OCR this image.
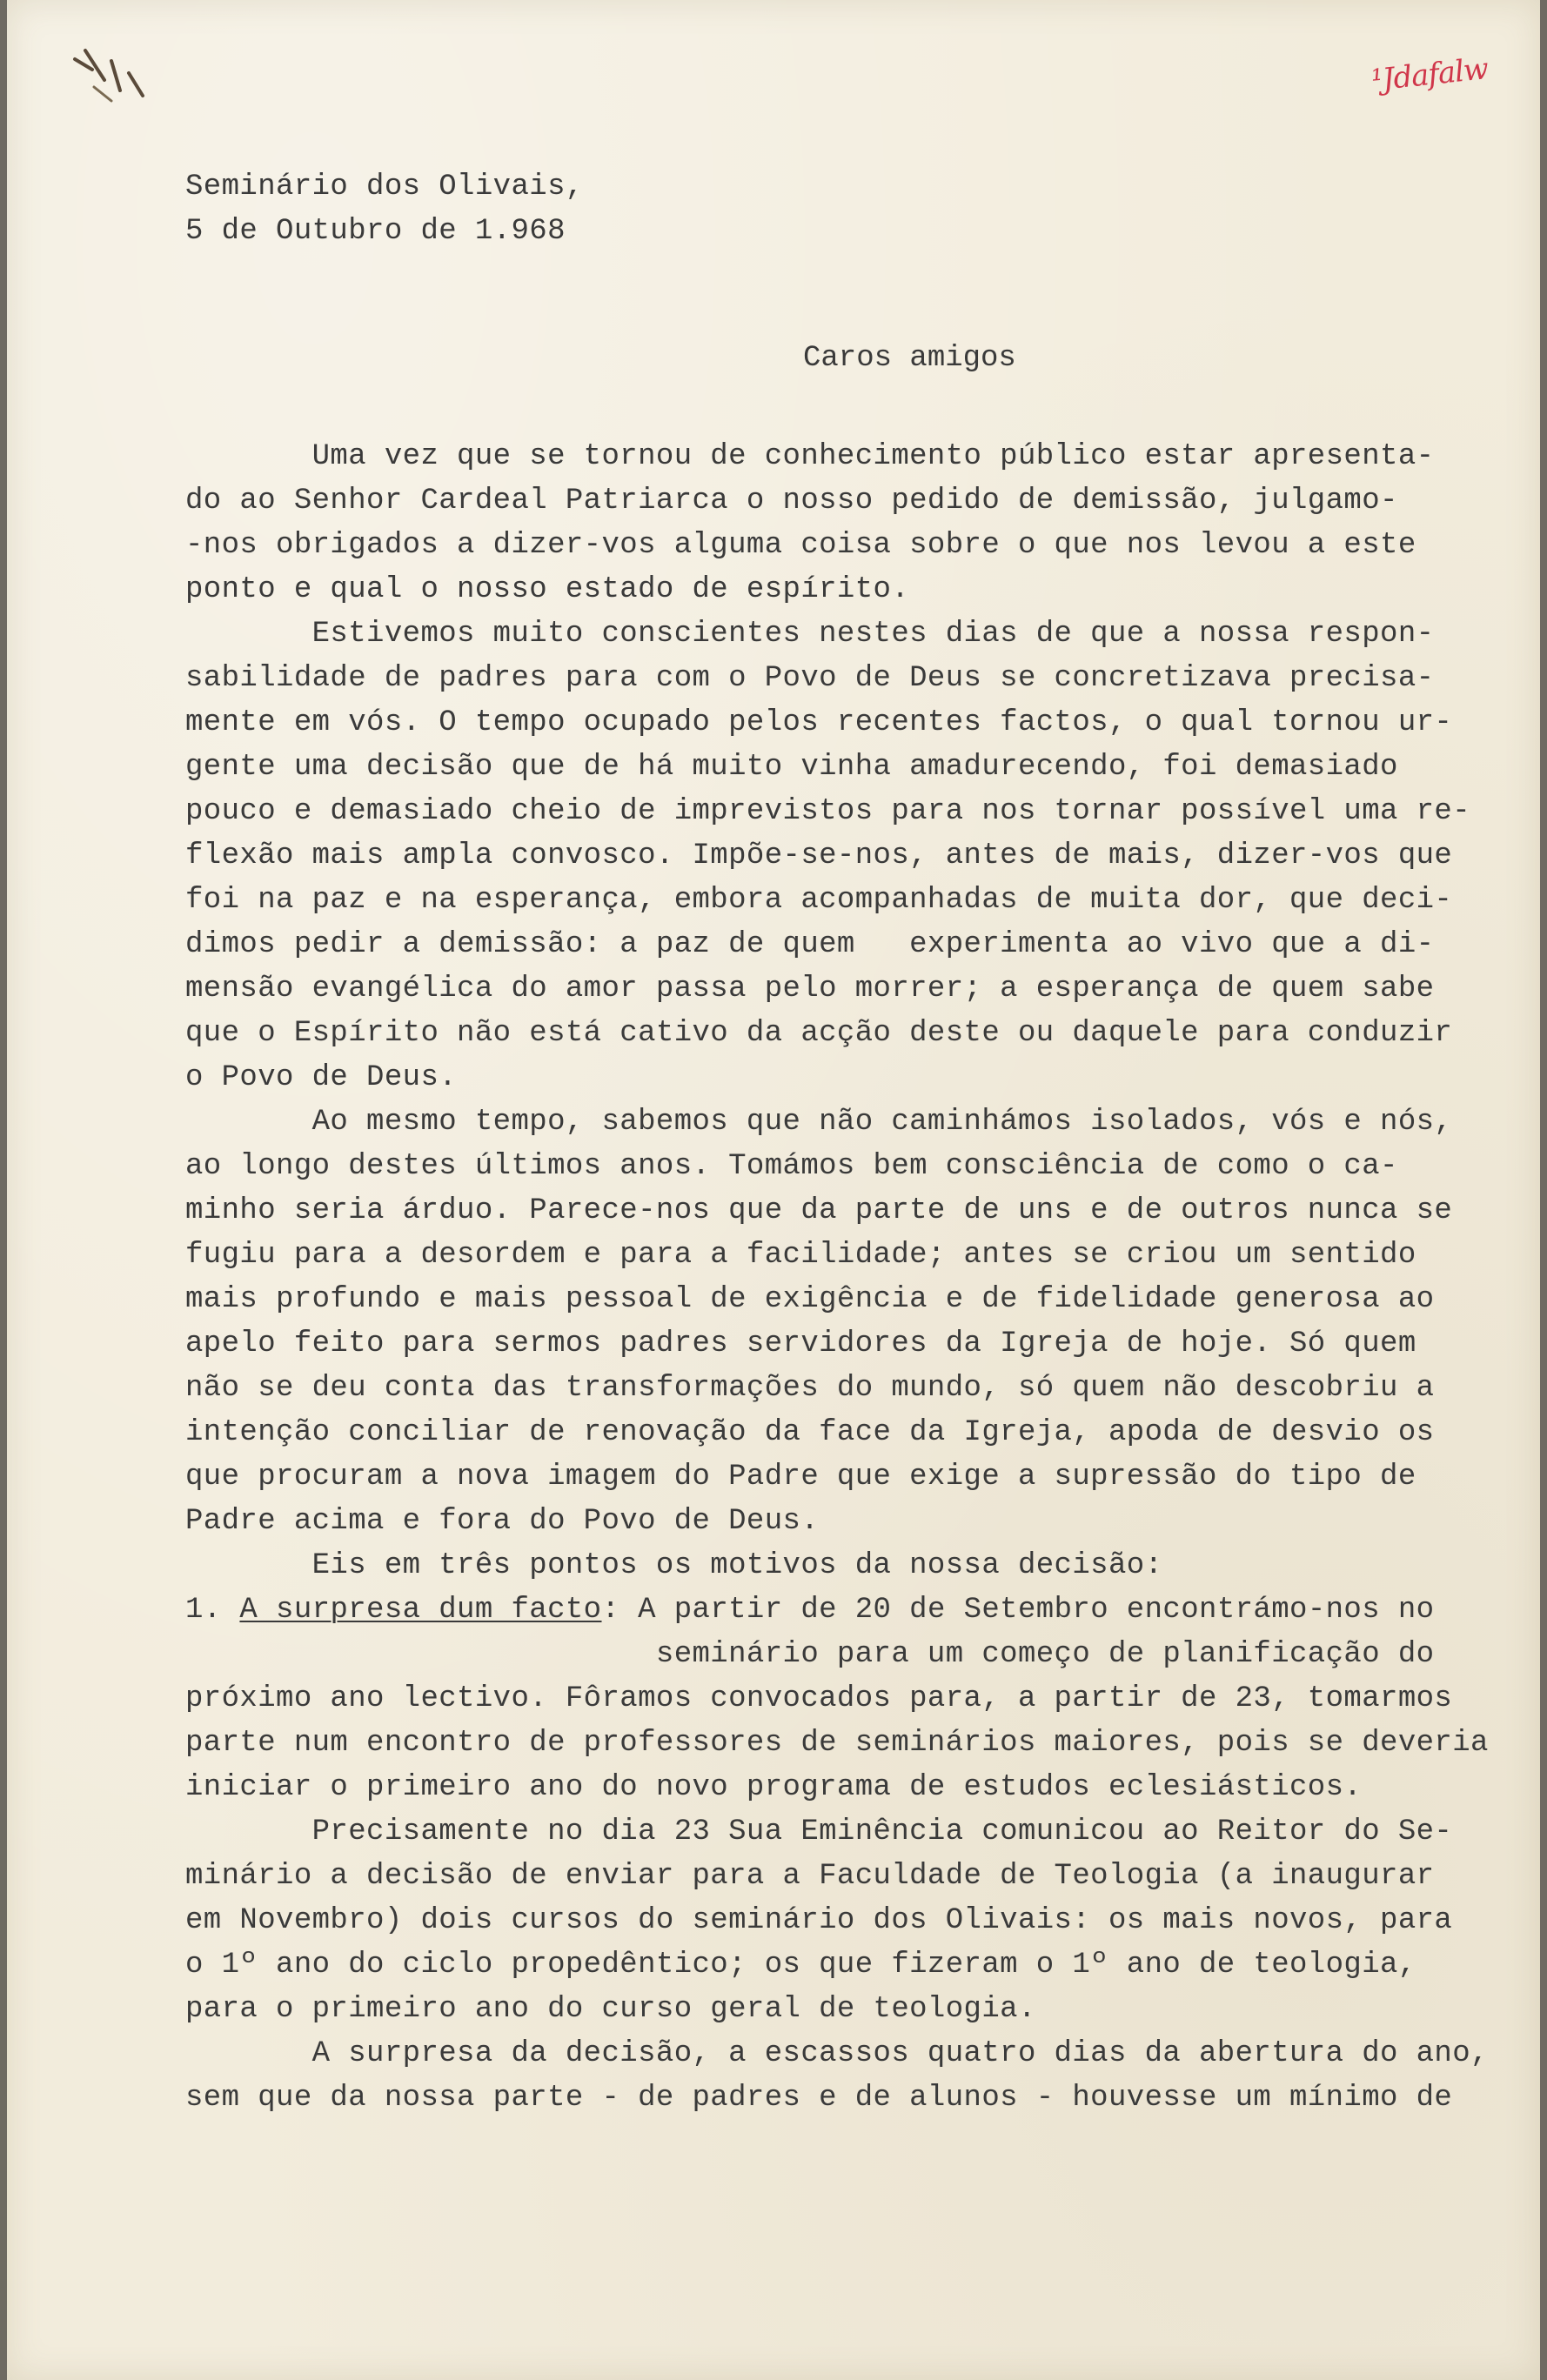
¹Jdafalw
Seminário dos Olivais,
5 de Outubro de 1.968
Caros amigos
Uma vez que se tornou de conhecimento público estar apresenta-
do ao Senhor Cardeal Patriarca o nosso pedido de demissão, julgamo-
-nos obrigados a dizer-vos alguma coisa sobre o que nos levou a este
ponto e qual o nosso estado de espírito.
Estivemos muito conscientes nestes dias de que a nossa respon-
sabilidade de padres para com o Povo de Deus se concretizava precisa-
mente em vós. O tempo ocupado pelos recentes factos, o qual tornou ur-
gente uma decisão que de há muito vinha amadurecendo, foi demasiado
pouco e demasiado cheio de imprevistos para nos tornar possível uma re-
flexão mais ampla convosco. Impõe-se-nos, antes de mais, dizer-vos que
foi na paz e na esperança, embora acompanhadas de muita dor, que deci-
dimos pedir a demissão: a paz de quem   experimenta ao vivo que a di-
mensão evangélica do amor passa pelo morrer; a esperança de quem sabe
que o Espírito não está cativo da acção deste ou daquele para conduzir
o Povo de Deus.
Ao mesmo tempo, sabemos que não caminhámos isolados, vós e nós,
ao longo destes últimos anos. Tomámos bem consciência de como o ca-
minho seria árduo. Parece-nos que da parte de uns e de outros nunca se
fugiu para a desordem e para a facilidade; antes se criou um sentido
mais profundo e mais pessoal de exigência e de fidelidade generosa ao
apelo feito para sermos padres servidores da Igreja de hoje. Só quem
não se deu conta das transformações do mundo, só quem não descobriu a
intenção conciliar de renovação da face da Igreja, apoda de desvio os
que procuram a nova imagem do Padre que exige a supressão do tipo de
Padre acima e fora do Povo de Deus.
Eis em três pontos os motivos da nossa decisão:
1. A surpresa dum facto: A partir de 20 de Setembro encontrámo-nos no
seminário para um começo de planificação do
próximo ano lectivo. Fôramos convocados para, a partir de 23, tomarmos
parte num encontro de professores de seminários maiores, pois se deveria
iniciar o primeiro ano do novo programa de estudos eclesiásticos.
Precisamente no dia 23 Sua Eminência comunicou ao Reitor do Se-
minário a decisão de enviar para a Faculdade de Teologia (a inaugurar
em Novembro) dois cursos do seminário dos Olivais: os mais novos, para
o 1º ano do ciclo propedêntico; os que fizeram o 1º ano de teologia,
para o primeiro ano do curso geral de teologia.
A surpresa da decisão, a escassos quatro dias da abertura do ano,
sem que da nossa parte - de padres e de alunos - houvesse um mínimo de
